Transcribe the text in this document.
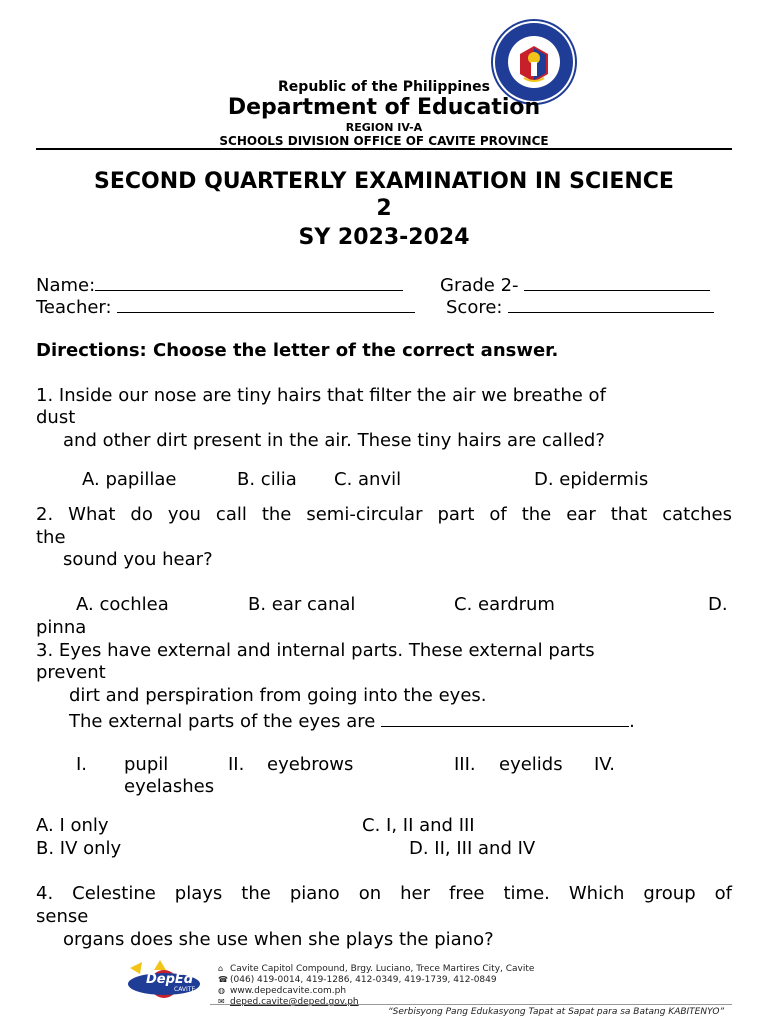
Republic of the Philippines
Department of Education
REGION IV-A
SCHOOLS DIVISION OFFICE OF CAVITE PROVINCE
SECOND QUARTERLY EXAMINATION IN SCIENCE
2
SY 2023-2024
Name:	Grade 2-
Teacher:	Score:
Directions: Choose the letter of the correct answer.
1. Inside our nose are tiny hairs that filter the air we breathe of
dust
and other dirt present in the air. These tiny hairs are called?
A. papillae	B. cilia C. anvil	D. epidermis
2. What do you call the semi-circular part of the ear that catches
the
sound you hear?
A. cochlea	B. ear canal	C. eardrum	D.
pinna
3. Eyes have external and internal parts. These external parts
prevent
dirt and perspiration from going into the eyes.
The external parts of the eyes are	.
I. pupil	II. eyebrows	III. eyelids IV.
eyelashes
A. I only	C. I, II and III
B. IV only	D. II, III and IV
4. Celestine plays the piano on her free time. Which group of
sense
organs does she use when she plays the piano?
DepEd
CAVITE
⌂ Cavite Capitol Compound, Brgy. Luciano, Trece Martires City, Cavite
☎ (046) 419-0014, 419-1286, 412-0349, 419-1739, 412-0849
◍ www.depedcavite.com.ph
✉ deped.cavite@deped.gov.ph
“Serbisyong Pang Edukasyong Tapat at Sapat para sa Batang KABITENYO”
